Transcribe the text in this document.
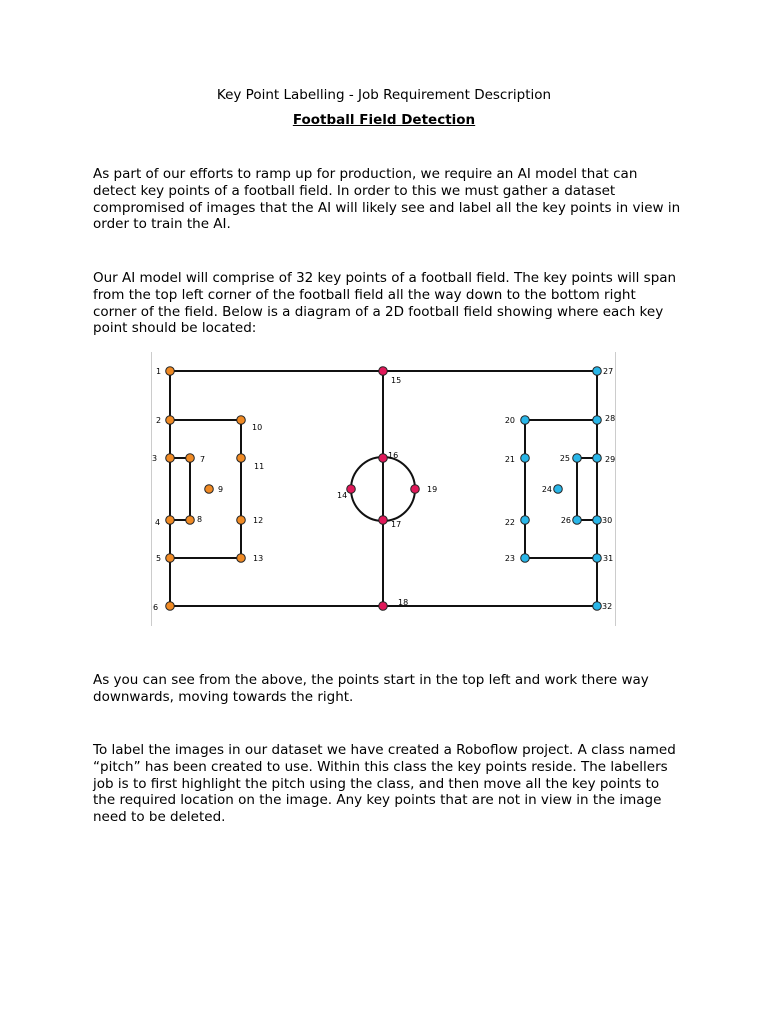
Key Point Labelling - Job Requirement Description
Football Field Detection

As part of our efforts to ramp up for production, we require an AI model that can detect key points of a football field. In order to this we must gather a dataset compromised of images that the AI will likely see and label all the key points in view in order to train the AI.

Our AI model will comprise of 32 key points of a football field. The key points will span from the top left corner of the football field all the way down to the bottom right corner of the field. Below is a diagram of a 2D football field showing where each key point should be located:

1
2
3
4
5
6
7
8
9
10
11
12
13
14
15
16
17
18
19
20
21
22
23
24
25
26
27
28
29
30
31
32

As you can see from the above, the points start in the top left and work there way downwards, moving towards the right.

To label the images in our dataset we have created a Roboflow project. A class named “pitch” has been created to use. Within this class the key points reside. The labellers job is to first highlight the pitch using the class, and then move all the key points to the required location on the image. Any key points that are not in view in the image need to be deleted.
